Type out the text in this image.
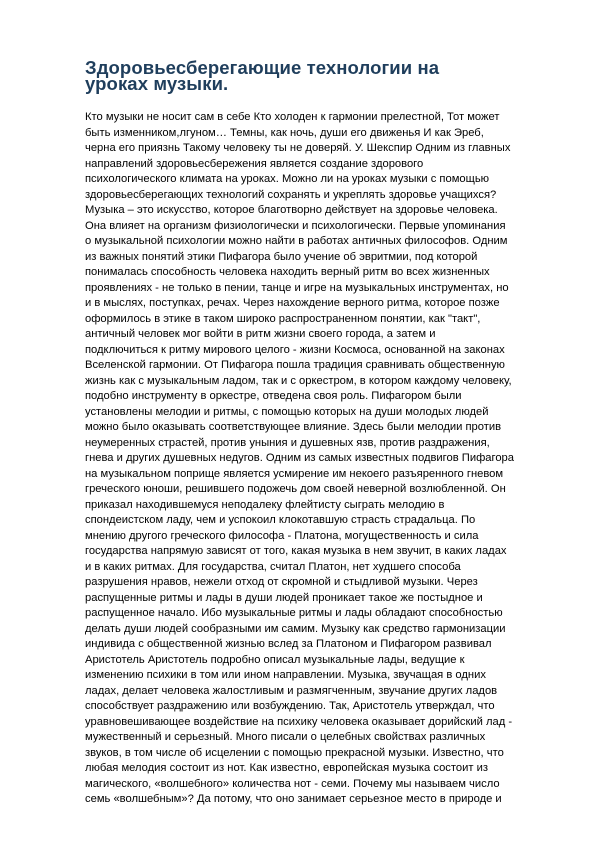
Здоровьесберегающие технологии на
уроках музыки.
Кто музыки не носит сам в себе Кто холоден к гармонии прелестной, Тот может
быть изменником,лгуном… Темны, как ночь, души его движенья И как Эреб,
черна его приязнь Такому человеку ты не доверяй. У. Шекспир Одним из главных
направлений здоровьесбережения является создание здорового
психологического климата на уроках. Можно ли на уроках музыки с помощью
здоровьесберегающих технологий сохранять и укреплять здоровье учащихся?
Музыка – это искусство, которое благотворно действует на здоровье человека.
Она влияет на организм физиологически и психологически. Первые упоминания
о музыкальной психологии можно найти в работах античных философов. Одним
из важных понятий этики Пифагора было учение об эвритмии, под которой
понималась способность человека находить верный ритм во всех жизненных
проявлениях - не только в пении, танце и игре на музыкальных инструментах, но
и в мыслях, поступках, речах. Через нахождение верного ритма, которое позже
оформилось в этике в таком широко распространенном понятии, как "такт",
античный человек мог войти в ритм жизни своего города, а затем и
подключиться к ритму мирового целого - жизни Космоса, основанной на законах
Вселенской гармонии. От Пифагора пошла традиция сравнивать общественную
жизнь как с музыкальным ладом, так и с оркестром, в котором каждому человеку,
подобно инструменту в оркестре, отведена своя роль. Пифагором были
установлены мелодии и ритмы, с помощью которых на души молодых людей
можно было оказывать соответствующее влияние. Здесь были мелодии против
неумеренных страстей, против уныния и душевных язв, против раздражения,
гнева и других душевных недугов. Одним из самых известных подвигов Пифагора
на музыкальном поприще является усмирение им некоего разъяренного гневом
греческого юноши, решившего подожечь дом своей неверной возлюбленной. Он
приказал находившемуся неподалеку флейтисту сыграть мелодию в
спондеистском ладу, чем и успокоил клокотавшую страсть страдальца. По
мнению другого греческого философа - Платона, могущественность и сила
государства напрямую зависят от того, какая музыка в нем звучит, в каких ладах
и в каких ритмах. Для государства, считал Платон, нет худшего способа
разрушения нравов, нежели отход от скромной и стыдливой музыки. Через
распущенные ритмы и лады в души людей проникает такое же постыдное и
распущенное начало. Ибо музыкальные ритмы и лады обладают способностью
делать души людей сообразными им самим. Музыку как средство гармонизации
индивида с общественной жизнью вслед за Платоном и Пифагором развивал
Аристотель Аристотель подробно описал музыкальные лады, ведущие к
изменению психики в том или ином направлении. Музыка, звучащая в одних
ладах, делает человека жалостливым и размягченным, звучание других ладов
способствует раздражению или возбуждению. Так, Аристотель утверждал, что
уравновешивающее воздействие на психику человека оказывает дорийский лад -
мужественный и серьезный. Много писали о целебных свойствах различных
звуков, в том числе об исцелении с помощью прекрасной музыки. Известно, что
любая мелодия состоит из нот. Как известно, европейская музыка состоит из
магического, «волшебного» количества нот - семи. Почему мы называем число
семь «волшебным»? Да потому, что оно занимает серьезное место в природе и
